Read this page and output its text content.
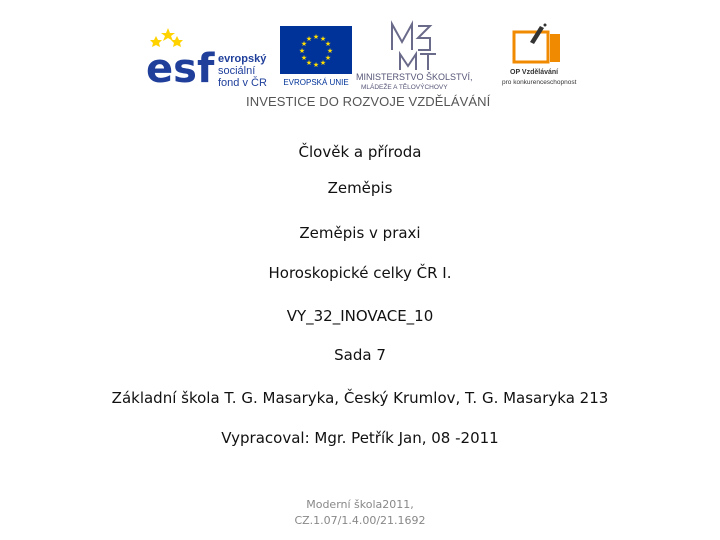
esf evropský
sociální
fond v ČR
★ ★
★
★
★
★
★
★
★
★
★
★
EVROPSKÁ UNIE
MINISTERSTVO ŠKOLSTVÍ,
MLÁDEŽE A TĚLOVÝCHOVY
OP Vzdělávání
pro konkurenceschopnost
INVESTICE DO ROZVOJE VZDĚLÁVÁNÍ
Člověk a příroda
Zeměpis
Zeměpis v praxi
Horoskopické celky ČR I.
VY_32_INOVACE_10
Sada 7
Základní škola T. G. Masaryka, Český Krumlov, T. G. Masaryka 213
Vypracoval: Mgr. Petřík Jan, 08 -2011
Moderní škola2011,
CZ.1.07/1.4.00/21.1692
